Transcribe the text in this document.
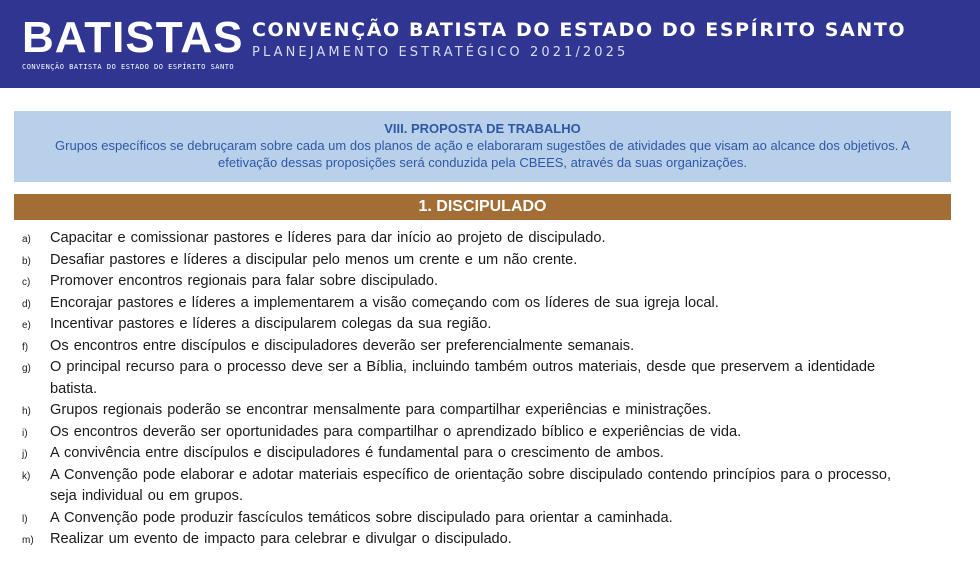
BATISTAS
CONVENÇÃO BATISTA DO ESTADO DO ESPÍRITO SANTO
CONVENÇÃO BATISTA DO ESTADO DO ESPÍRITO SANTO
PLANEJAMENTO ESTRATÉGICO 2021/2025
VIII. PROPOSTA DE TRABALHO
Grupos específicos se debruçaram sobre cada um dos planos de ação e elaboraram sugestões de atividades que visam ao alcance dos objetivos. A efetivação dessas proposições será conduzida pela CBEES, através da suas organizações.
1. DISCIPULADO
a) Capacitar e comissionar pastores e líderes para dar início ao projeto de discipulado.
b) Desafiar pastores e líderes a discipular pelo menos um crente e um não crente.
c) Promover encontros regionais para falar sobre discipulado.
d) Encorajar pastores e líderes a implementarem a visão começando com os líderes de sua igreja local.
e) Incentivar pastores e líderes a discipularem colegas da sua região.
f) Os encontros entre discípulos e discipuladores deverão ser preferencialmente semanais.
g) O principal recurso para o processo deve ser a Bíblia, incluindo também outros materiais, desde que preservem a identidade batista.
h) Grupos regionais poderão se encontrar mensalmente para compartilhar experiências e ministrações.
i) Os encontros deverão ser oportunidades para compartilhar o aprendizado bíblico e experiências de vida.
j) A convivência entre discípulos e discipuladores é fundamental para o crescimento de ambos.
k) A Convenção pode elaborar e adotar materiais específico de orientação sobre discipulado contendo princípios para o processo, seja individual ou em grupos.
l) A Convenção pode produzir fascículos temáticos sobre discipulado para orientar a caminhada.
m) Realizar um evento de impacto para celebrar e divulgar o discipulado.
